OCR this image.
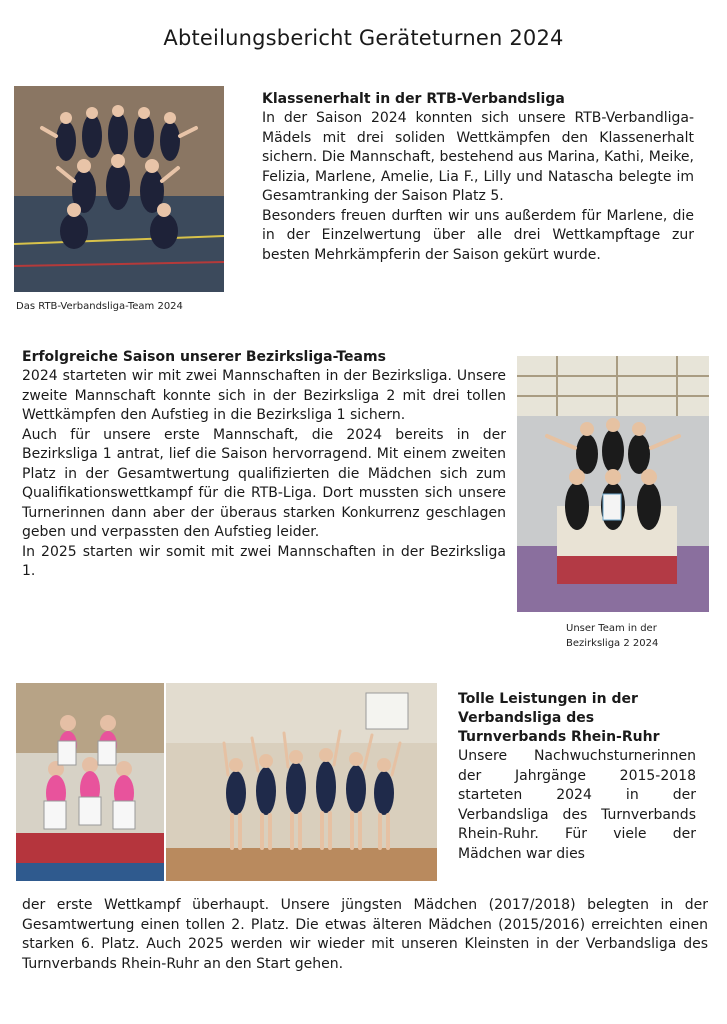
Abteilungsbericht Geräteturnen 2024
Das RTB-Verbandsliga-Team 2024
Klassenerhalt in der RTB-Verbandsliga

In der Saison 2024 konnten sich unsere RTB-Verbandliga-Mädels mit drei soliden Wettkämpfen den Klassenerhalt sichern. Die Mannschaft, bestehend aus Marina, Kathi, Meike, Felizia, Marlene, Amelie, Lia F., Lilly und Natascha belegte im Gesamtranking der Saison Platz 5.

Besonders freuen durften wir uns außerdem für Marlene, die in der Einzelwertung über alle drei Wettkampftage zur besten Mehrkämpferin der Saison gekürt wurde.

Erfolgreiche Saison unserer Bezirksliga-Teams

2024 starteten wir mit zwei Mannschaften in der Bezirksliga. Unsere zweite Mannschaft konnte sich in der Bezirksliga 2 mit drei tollen Wettkämpfen den Aufstieg in die Bezirksliga 1 sichern.

Auch für unsere erste Mannschaft, die 2024 bereits in der Bezirksliga 1 antrat, lief die Saison hervorragend. Mit einem zweiten Platz in der Gesamtwertung qualifizierten die Mädchen sich zum Qualifikationswettkampf für die RTB-Liga. Dort mussten sich unsere Turnerinnen dann aber der überaus starken Konkurrenz geschlagen geben und verpassten den Aufstieg leider.

In 2025 starten wir somit mit zwei Mannschaften in der Bezirksliga 1.

Unser Team in der
Bezirksliga 2 2024
Tolle Leistungen in der
Verbandsliga des
Turnverbands Rhein-Ruhr

Unsere Nachwuchsturnerinnen der Jahrgänge 2015-2018 starteten 2024 in der Verbandsliga des Turnverbands Rhein-Ruhr. Für viele der Mädchen war dies

der erste Wettkampf überhaupt. Unsere jüngsten Mädchen (2017/2018) belegten in der Gesamtwertung einen tollen 2. Platz. Die etwas älteren Mädchen (2015/2016) erreichten einen starken 6. Platz. Auch 2025 werden wir wieder mit unseren Kleinsten in der Verbandsliga des Turnverbands Rhein-Ruhr an den Start gehen.
